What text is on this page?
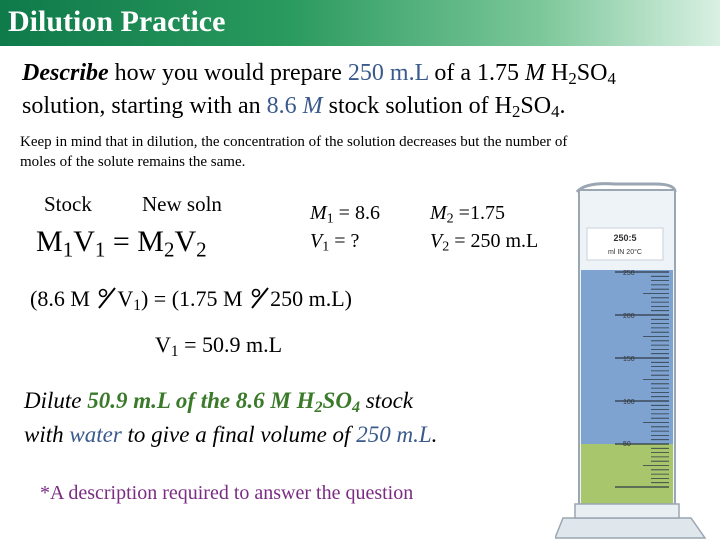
Dilution Practice
Describe how you would prepare 250 m.L of a 1.75 M $H_2SO_4$
solution, starting with an 8.6 M stock solution of $H_2SO_4$.
Keep in mind that in dilution, the concentration of the solution decreases but the number of
moles of the solute remains the same.
Stock New soln
$M_1V_1 = M_2V_2$
$M_1 = 8.6$
$V_1$ = ?
$M_2 =1.75$
$V_2 = 250$ m.L
(8.6 M $V_1) = (1.75$ M 250 m.L)
$V_1 = 50.9$ m.L
Dilute 50.9 m.L of the 8.6 M $H_2SO_4$ stock
with water to give a final volume of 250 m.L.
*A description required to answer the question
250:5
ml IN 20°C
250
200
150
100
50
